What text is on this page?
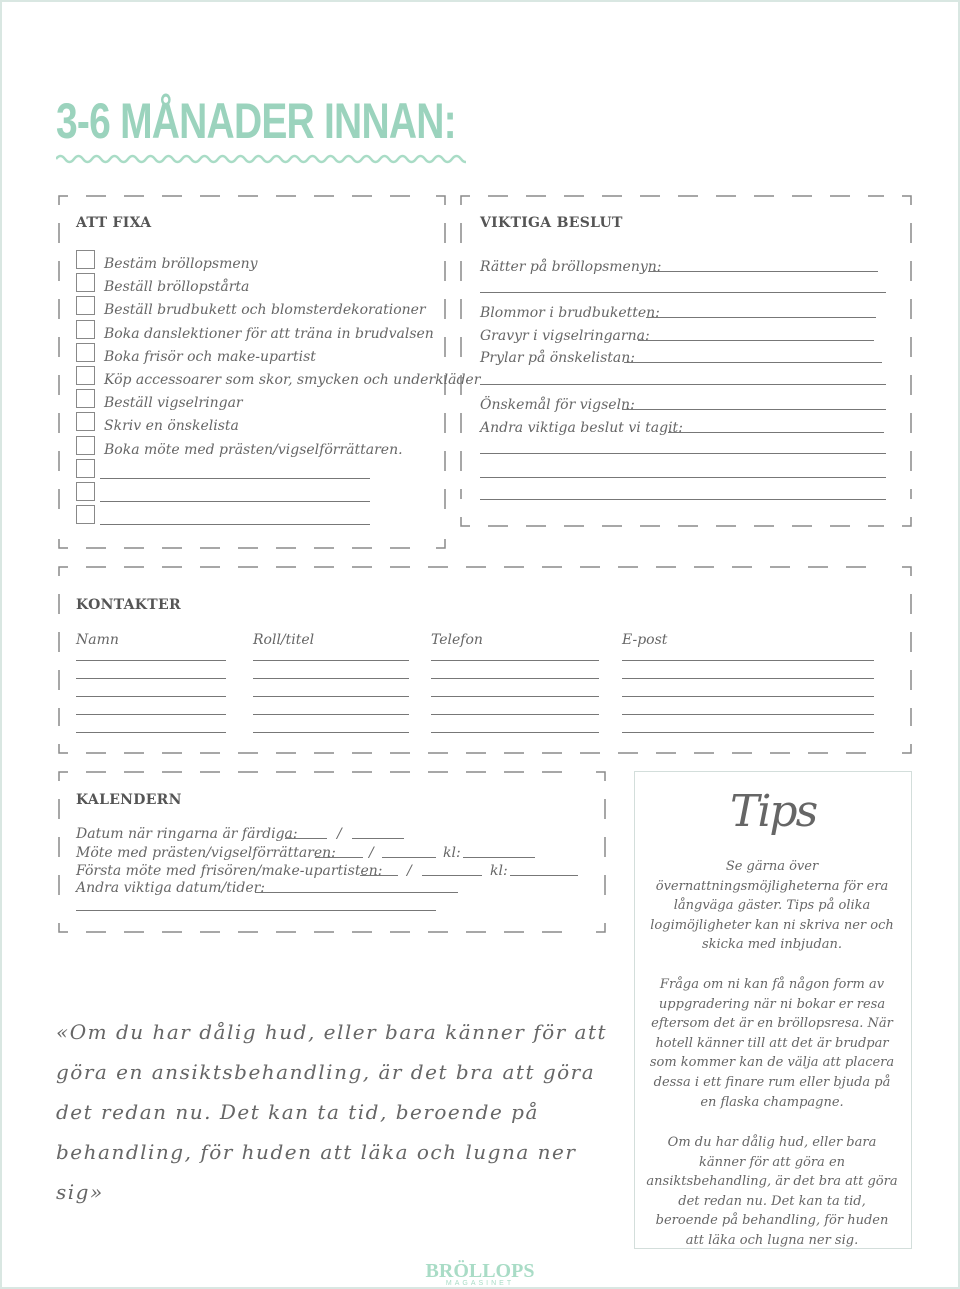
3-6 MÅNADER INNAN:
ATT FIXA
Bestäm bröllopsmeny
Beställ bröllopstårta
Beställ brudbukett och blomsterdekorationer
Boka danslektioner för att träna in brudvalsen
Boka frisör och make-upartist
Köp accessoarer som skor, smycken och underkläder
Beställ vigselringar
Skriv en önskelista
Boka möte med prästen/vigselförrättaren.
VIKTIGA BESLUT
Rätter på bröllopsmenyn:
Blommor i brudbuketten:
Gravyr i vigselringarna:
Prylar på önskelistan:
Önskemål för vigseln:
Andra viktiga beslut vi tagit:
KONTAKTER
Namn	Roll/titel	Telefon	E-post
KALENDERN
Datum när ringarna är färdiga:	/
Möte med prästen/vigselförrättaren: /	kl:
Första möte med frisören/make-upartisten: /	kl:
Andra viktiga datum/tider:
Tips
Se gärna över övernattningsmöjligheterna för era långväga gäster. Tips på olika logimöjligheter kan ni skriva ner och skicka med inbjudan.
Fråga om ni kan få någon form av uppgradering när ni bokar er resa eftersom det är en bröllopsresa. När hotell känner till att det är brudpar som kommer kan de välja att placera dessa i ett finare rum eller bjuda på en flaska champagne.
Om du har dålig hud, eller bara känner för att göra en ansiktsbehandling, är det bra att göra det redan nu. Det kan ta tid, beroende på behandling, för huden att läka och lugna ner sig.
«Om du har dålig hud, eller bara känner för att göra en ansiktsbehandling, är det bra att göra det redan nu. Det kan ta tid, beroende på behandling, för huden att läka och lugna ner sig»
BRÖLLOPS
MAGASINET
